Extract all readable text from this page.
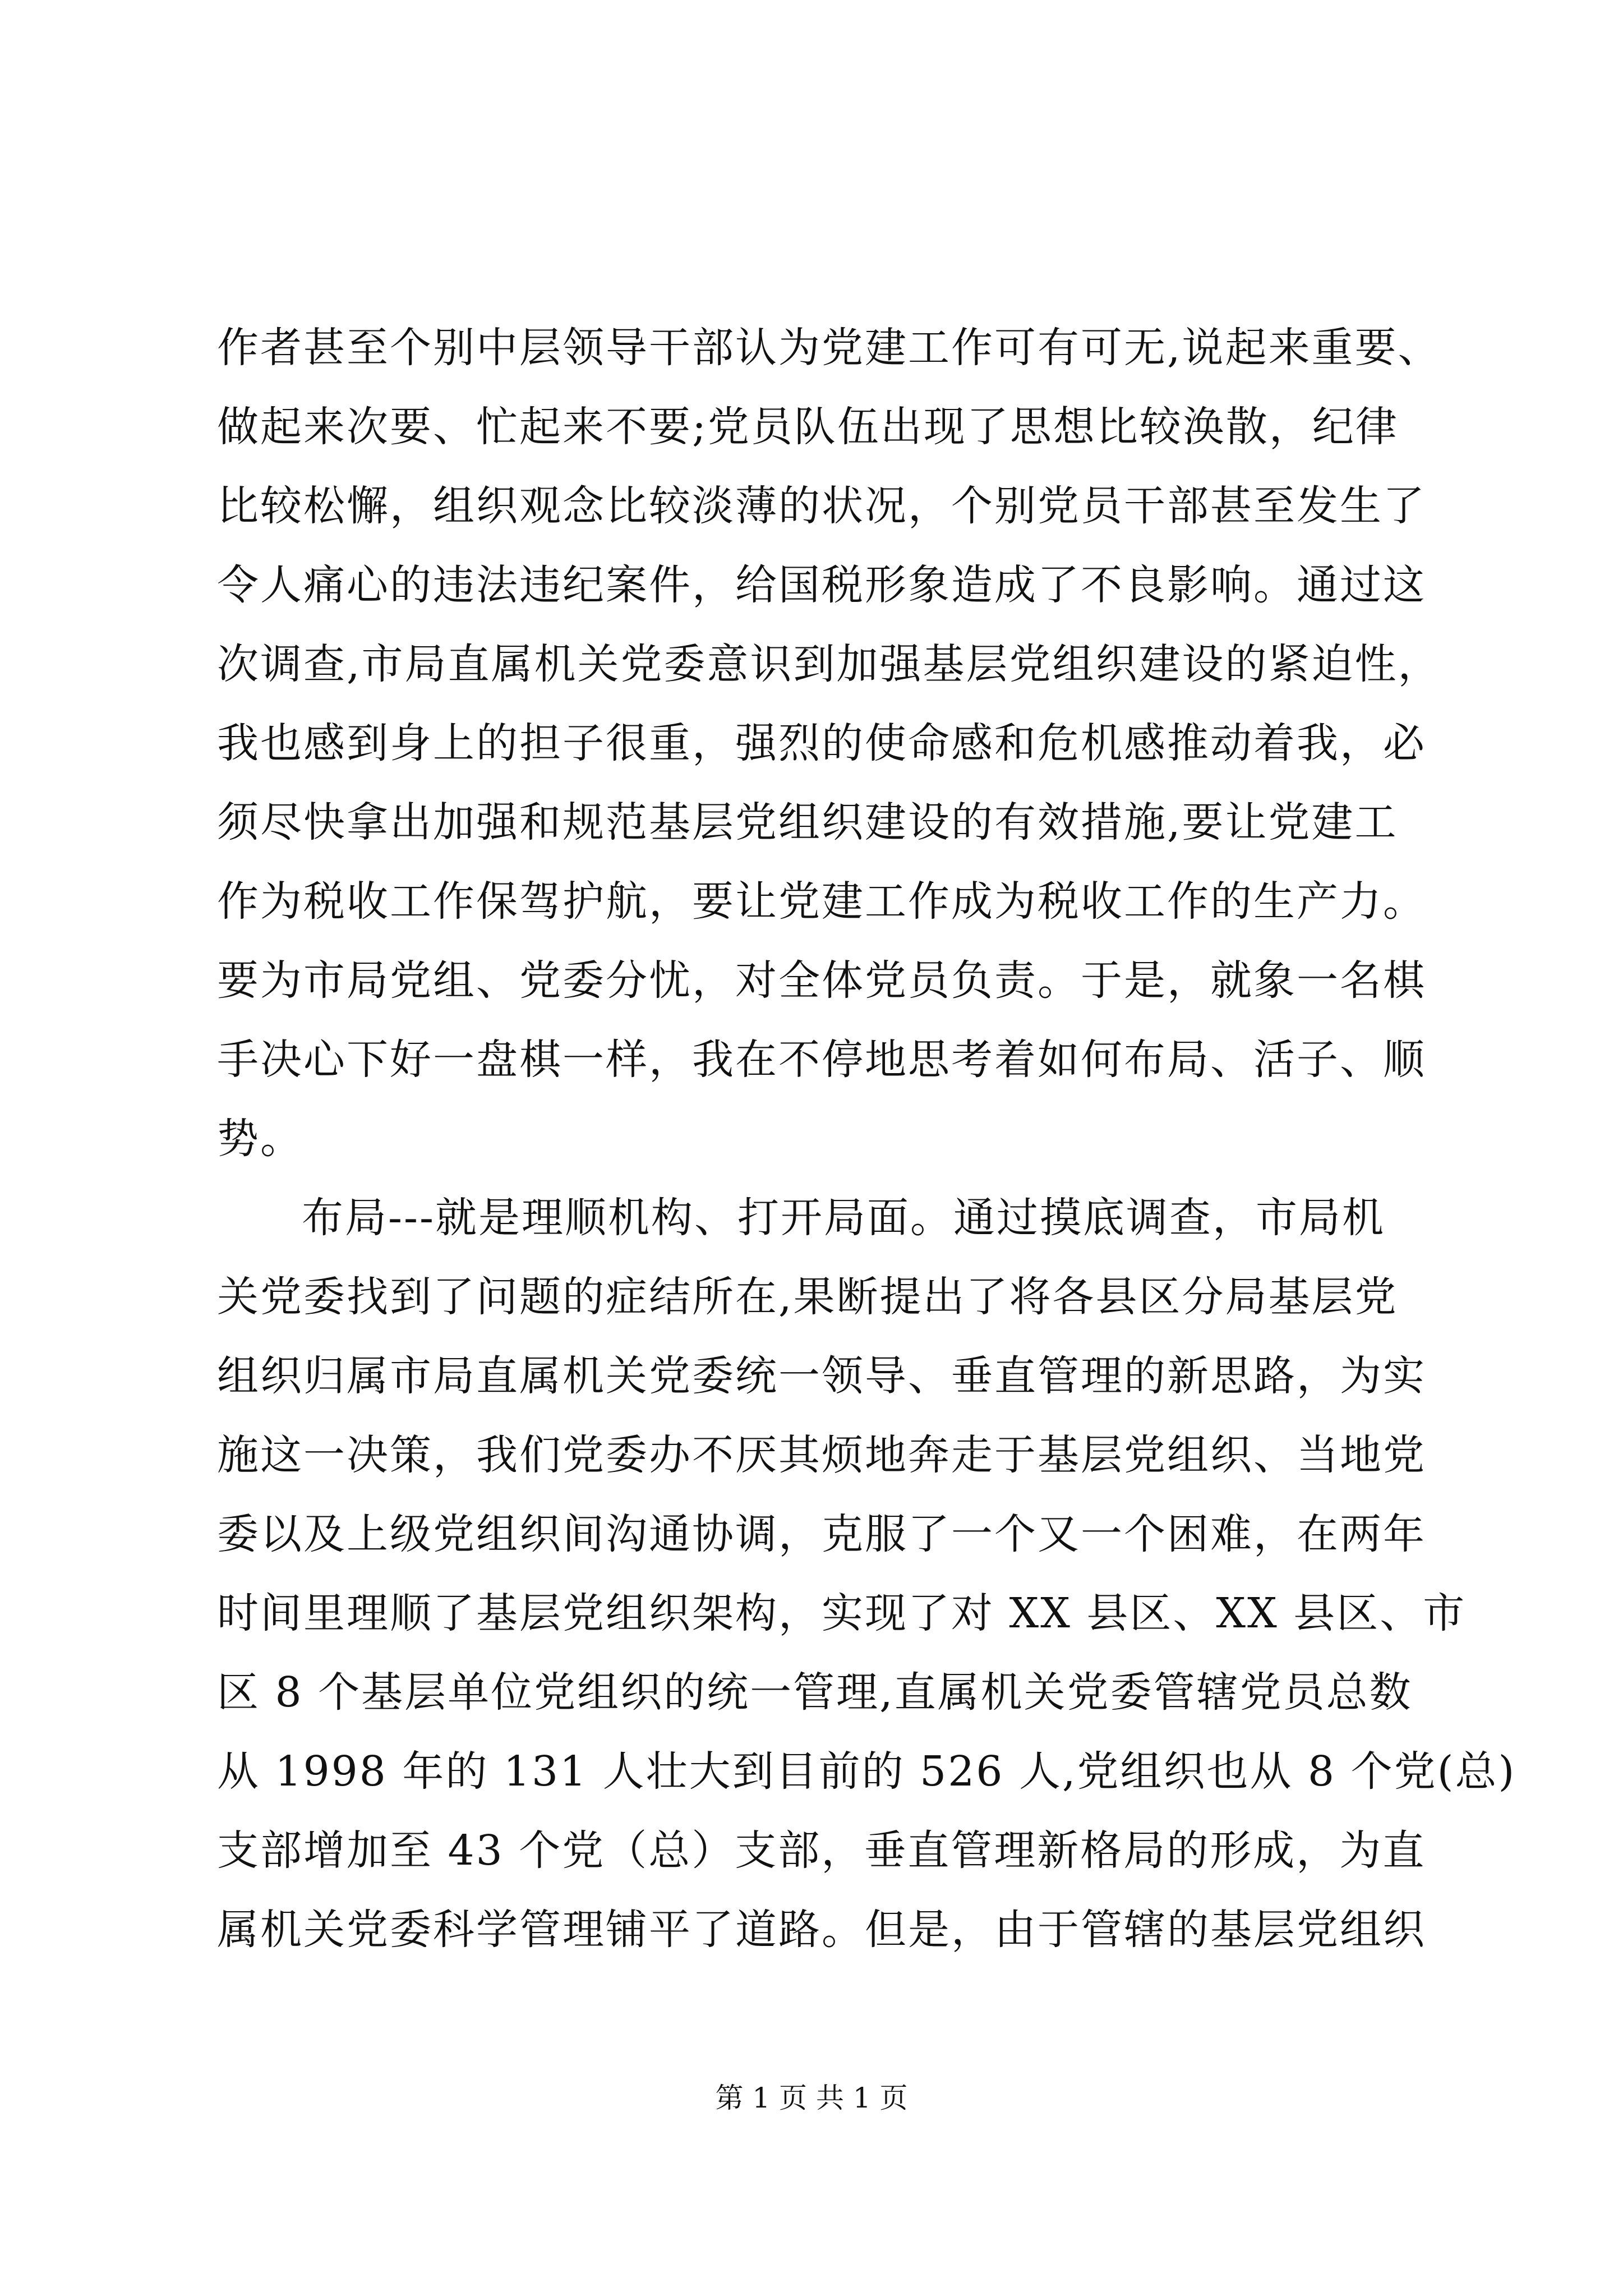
作者甚至个别中层领导干部认为党建工作可有可无,说起来重要、
做起来次要、忙起来不要;党员队伍出现了思想比较涣散，纪律
比较松懈，组织观念比较淡薄的状况，个别党员干部甚至发生了
令人痛心的违法违纪案件，给国税形象造成了不良影响。通过这
次调查,市局直属机关党委意识到加强基层党组织建设的紧迫性，
我也感到身上的担子很重，强烈的使命感和危机感推动着我，必
须尽快拿出加强和规范基层党组织建设的有效措施,要让党建工
作为税收工作保驾护航，要让党建工作成为税收工作的生产力。
要为市局党组、党委分忧，对全体党员负责。于是，就象一名棋
手决心下好一盘棋一样，我在不停地思考着如何布局、活子、顺
势。
布局---就是理顺机构、打开局面。通过摸底调查，市局机
关党委找到了问题的症结所在,果断提出了将各县区分局基层党
组织归属市局直属机关党委统一领导、垂直管理的新思路，为实
施这一决策，我们党委办不厌其烦地奔走于基层党组织、当地党
委以及上级党组织间沟通协调，克服了一个又一个困难，在两年
时间里理顺了基层党组织架构，实现了对 XX 县区、XX 县区、市
区 8 个基层单位党组织的统一管理,直属机关党委管辖党员总数
从 1998 年的 131 人壮大到目前的 526 人,党组织也从 8 个党(总)
支部增加至 43 个党（总）支部，垂直管理新格局的形成，为直
属机关党委科学管理铺平了道路。但是，由于管辖的基层党组织
第 1 页 共 1 页
